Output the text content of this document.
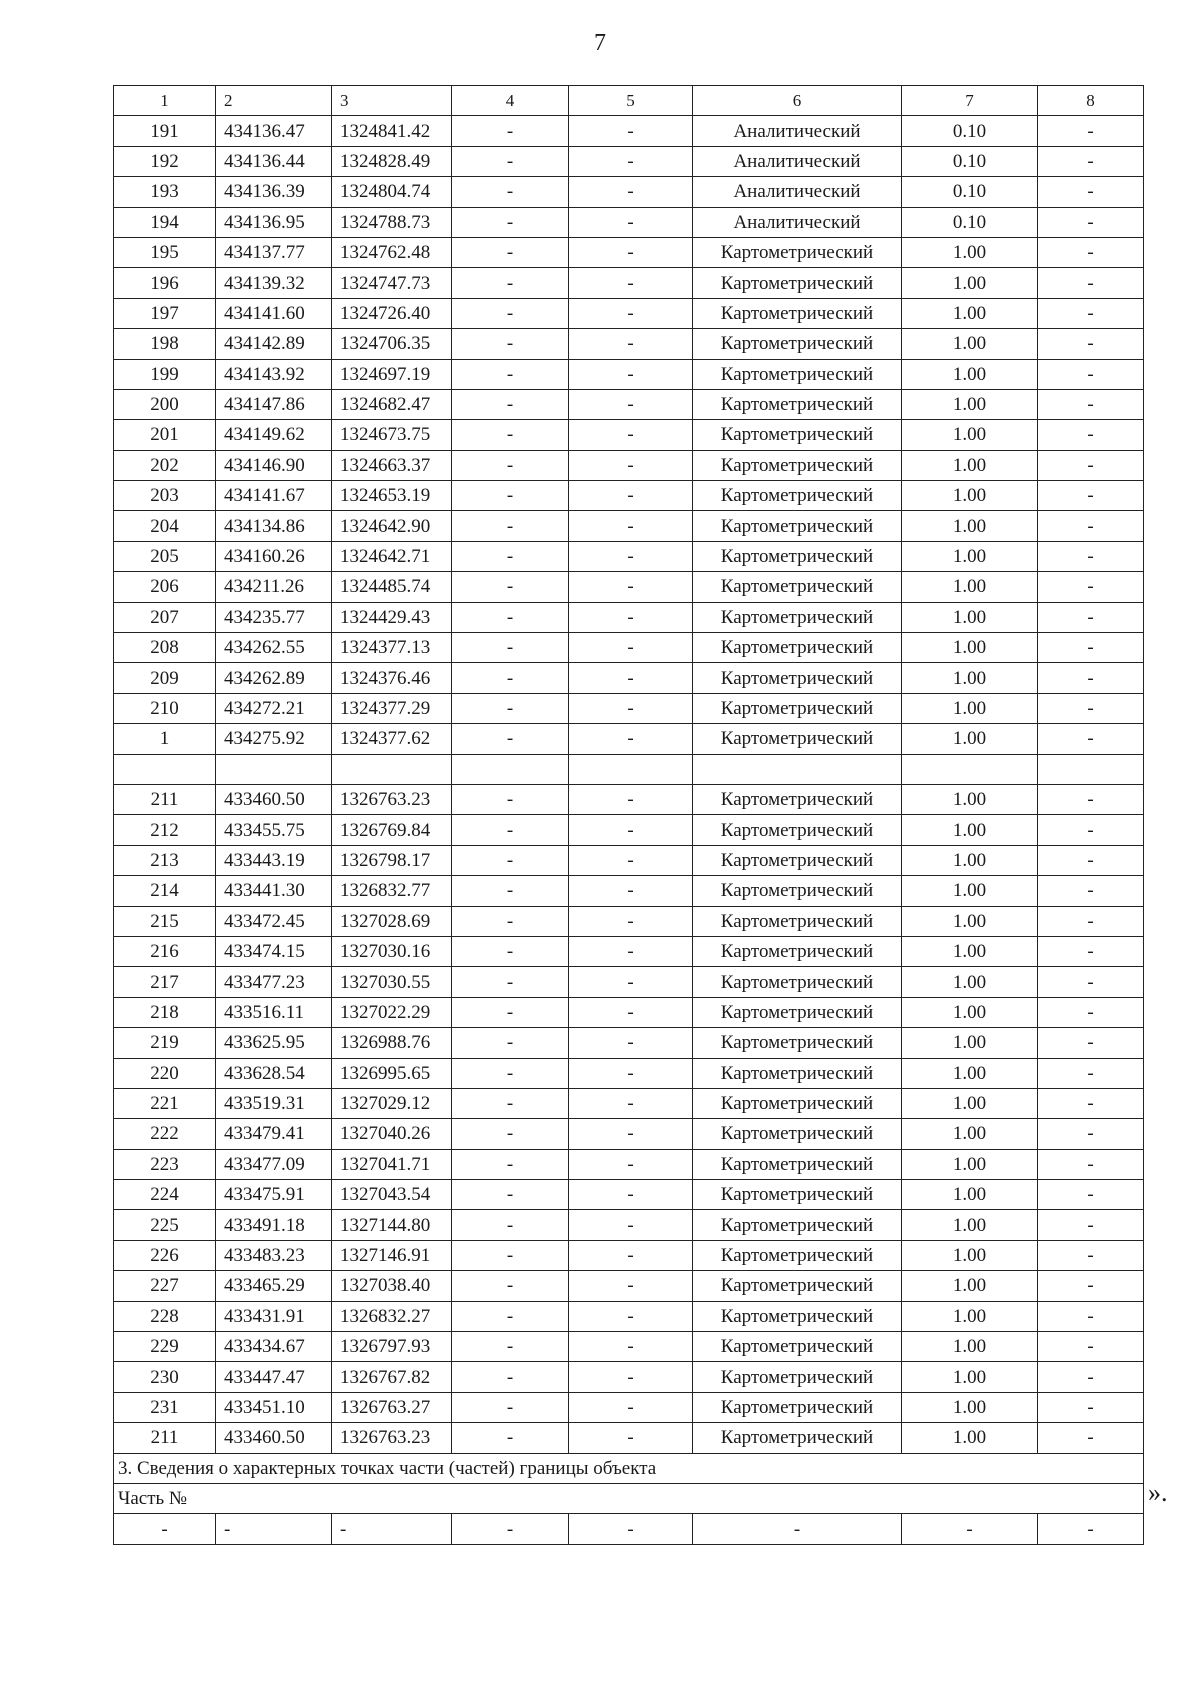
7
1	2	3	4	5	6	7	8
191	434136.47	1324841.42	-	-	Аналитический	0.10	-
192	434136.44	1324828.49	-	-	Аналитический	0.10	-
193	434136.39	1324804.74	-	-	Аналитический	0.10	-
194	434136.95	1324788.73	-	-	Аналитический	0.10	-
195	434137.77	1324762.48	-	-	Картометрический	1.00	-
196	434139.32	1324747.73	-	-	Картометрический	1.00	-
197	434141.60	1324726.40	-	-	Картометрический	1.00	-
198	434142.89	1324706.35	-	-	Картометрический	1.00	-
199	434143.92	1324697.19	-	-	Картометрический	1.00	-
200	434147.86	1324682.47	-	-	Картометрический	1.00	-
201	434149.62	1324673.75	-	-	Картометрический	1.00	-
202	434146.90	1324663.37	-	-	Картометрический	1.00	-
203	434141.67	1324653.19	-	-	Картометрический	1.00	-
204	434134.86	1324642.90	-	-	Картометрический	1.00	-
205	434160.26	1324642.71	-	-	Картометрический	1.00	-
206	434211.26	1324485.74	-	-	Картометрический	1.00	-
207	434235.77	1324429.43	-	-	Картометрический	1.00	-
208	434262.55	1324377.13	-	-	Картометрический	1.00	-
209	434262.89	1324376.46	-	-	Картометрический	1.00	-
210	434272.21	1324377.29	-	-	Картометрический	1.00	-
1	434275.92	1324377.62	-	-	Картометрический	1.00	-

211	433460.50	1326763.23	-	-	Картометрический	1.00	-
212	433455.75	1326769.84	-	-	Картометрический	1.00	-
213	433443.19	1326798.17	-	-	Картометрический	1.00	-
214	433441.30	1326832.77	-	-	Картометрический	1.00	-
215	433472.45	1327028.69	-	-	Картометрический	1.00	-
216	433474.15	1327030.16	-	-	Картометрический	1.00	-
217	433477.23	1327030.55	-	-	Картометрический	1.00	-
218	433516.11	1327022.29	-	-	Картометрический	1.00	-
219	433625.95	1326988.76	-	-	Картометрический	1.00	-
220	433628.54	1326995.65	-	-	Картометрический	1.00	-
221	433519.31	1327029.12	-	-	Картометрический	1.00	-
222	433479.41	1327040.26	-	-	Картометрический	1.00	-
223	433477.09	1327041.71	-	-	Картометрический	1.00	-
224	433475.91	1327043.54	-	-	Картометрический	1.00	-
225	433491.18	1327144.80	-	-	Картометрический	1.00	-
226	433483.23	1327146.91	-	-	Картометрический	1.00	-
227	433465.29	1327038.40	-	-	Картометрический	1.00	-
228	433431.91	1326832.27	-	-	Картометрический	1.00	-
229	433434.67	1326797.93	-	-	Картометрический	1.00	-
230	433447.47	1326767.82	-	-	Картометрический	1.00	-
231	433451.10	1326763.27	-	-	Картометрический	1.00	-
211	433460.50	1326763.23	-	-	Картометрический	1.00	-
3. Сведения о характерных точках части (частей) границы объекта							
Часть №							
-	-	-	-	-	-	-	-
».
